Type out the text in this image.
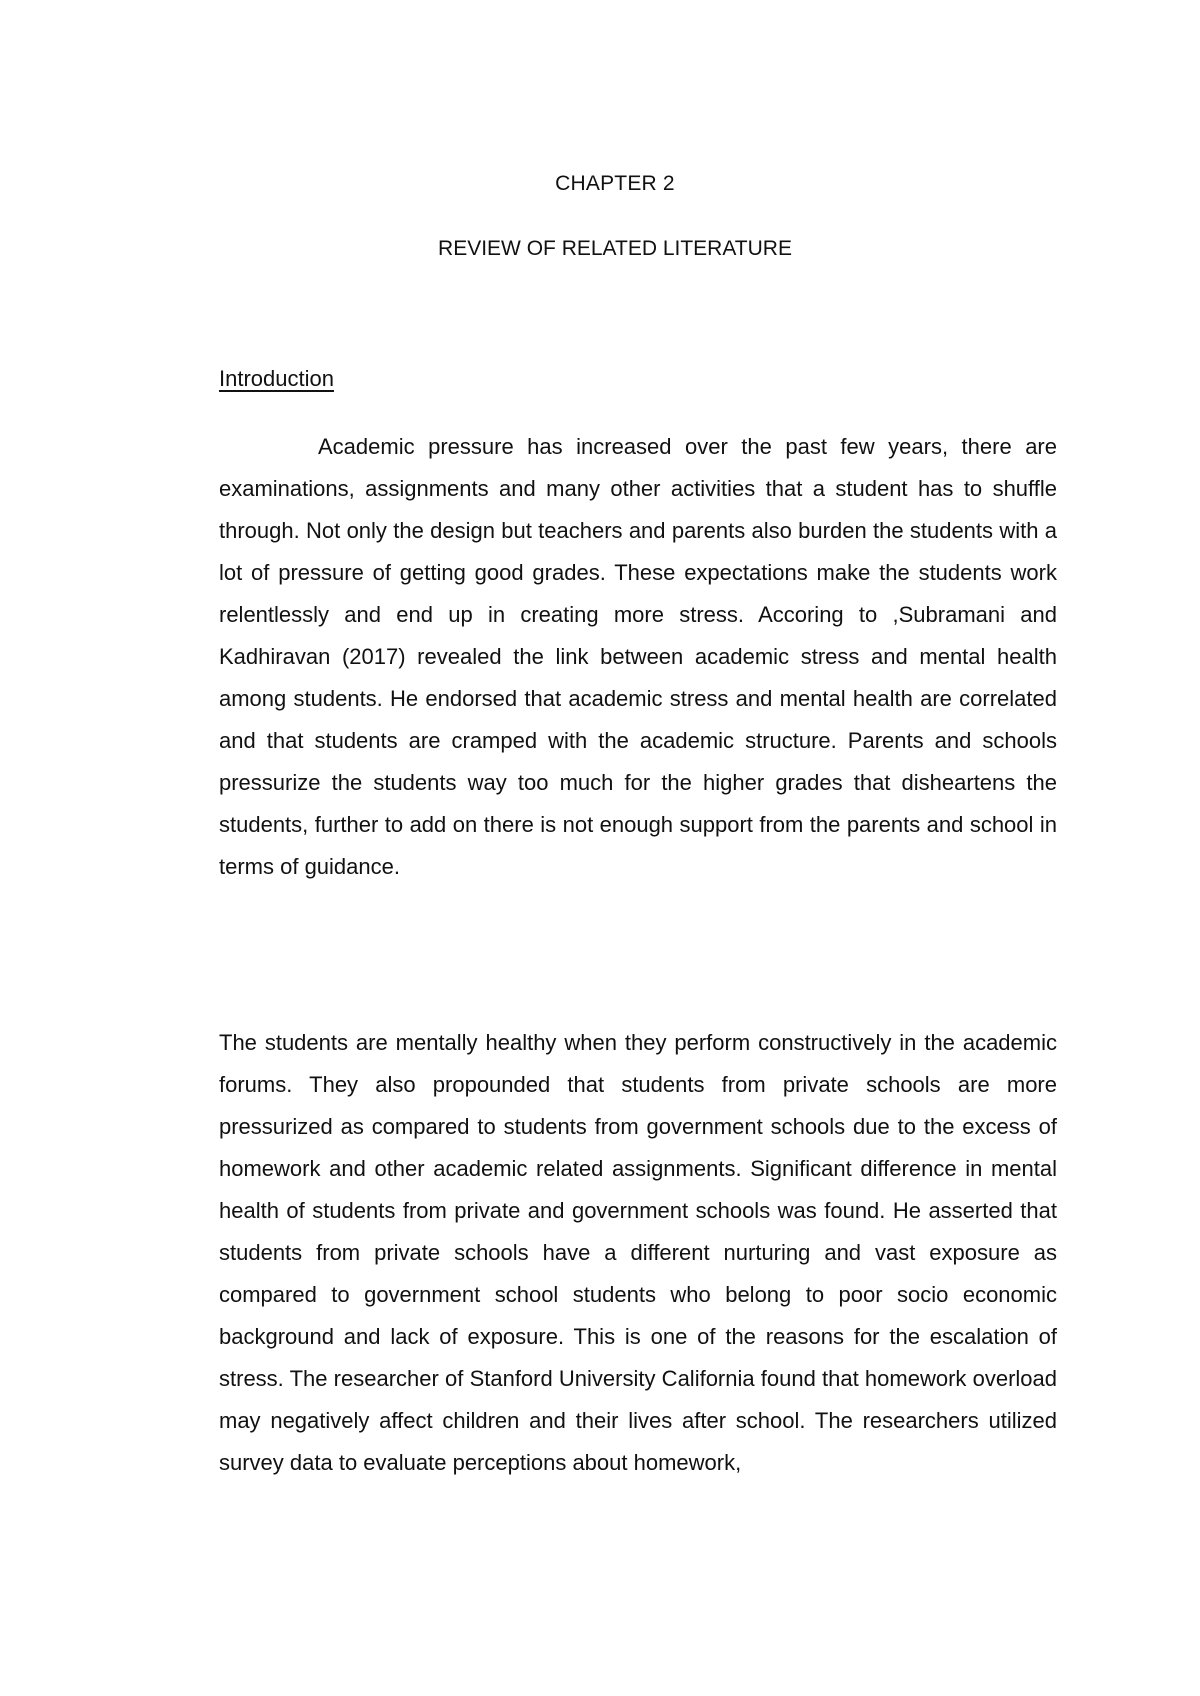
CHAPTER 2
REVIEW OF RELATED LITERATURE
Introduction

Academic pressure has increased over the past few years, there are examinations, assignments and many other activities that a student has to shuffle through. Not only the design but teachers and parents also burden the students with a lot of pressure of getting good grades. These expectations make the students work relentlessly and end up in creating more stress. Accoring to ,Subramani and Kadhiravan (2017) revealed the link between academic stress and mental health among students. He endorsed that academic stress and mental health are correlated and that students are cramped with the academic structure. Parents and schools pressurize the students way too much for the higher grades that disheartens the students, further to add on there is not enough support from the parents and school in terms of guidance.

The students are mentally healthy when they perform constructively in the academic forums. They also propounded that students from private schools are more pressurized as compared to students from government schools due to the excess of homework and other academic related assignments. Significant difference in mental health of students from private and government schools was found. He asserted that students from private schools have a different nurturing and vast exposure as compared to government school students who belong to poor socio economic background and lack of exposure. This is one of the reasons for the escalation of stress. The researcher of Stanford University California found that homework overload may negatively affect children and their lives after school. The researchers utilized survey data to evaluate perceptions about homework,
